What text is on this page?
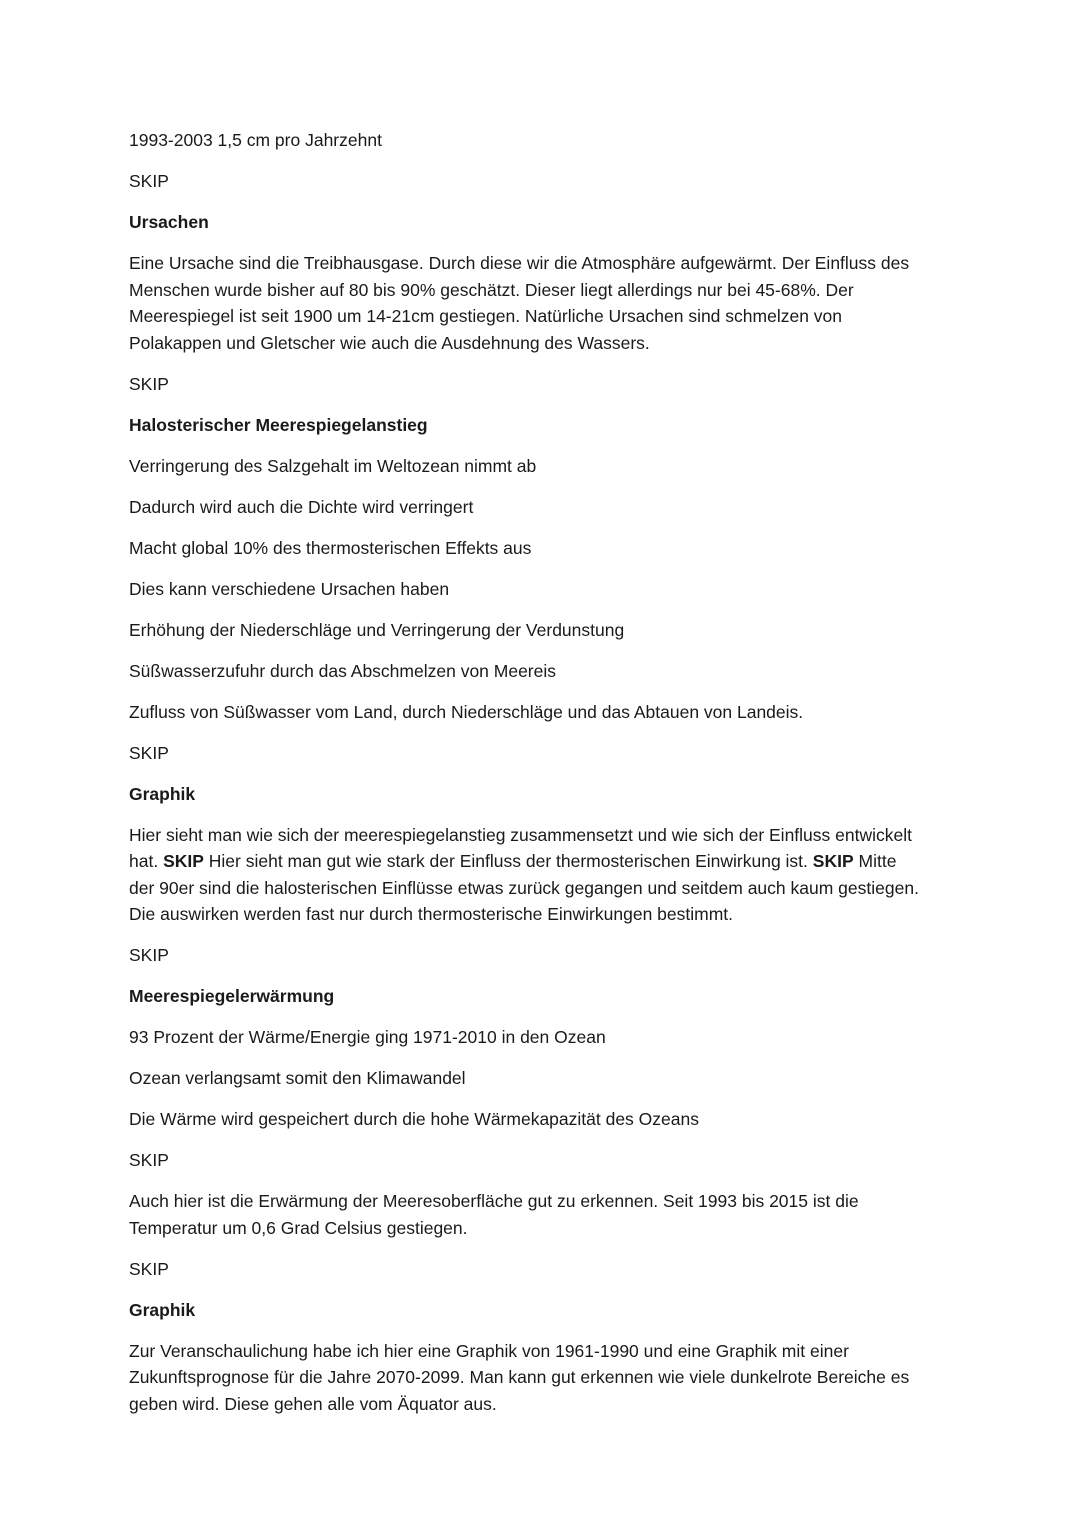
1993-2003 1,5 cm pro Jahrzehnt
SKIP
Ursachen
Eine Ursache sind die Treibhausgase. Durch diese wir die Atmosphäre aufgewärmt. Der Einfluss des
Menschen wurde bisher auf 80 bis 90% geschätzt. Dieser liegt allerdings nur bei 45-68%. Der
Meerespiegel ist seit 1900 um 14-21cm gestiegen. Natürliche Ursachen sind schmelzen von
Polakappen und Gletscher wie auch die Ausdehnung des Wassers.
SKIP
Halosterischer Meerespiegelanstieg
Verringerung des Salzgehalt im Weltozean nimmt ab
Dadurch wird auch die Dichte wird verringert
Macht global 10% des thermosterischen Effekts aus
Dies kann verschiedene Ursachen haben
Erhöhung der Niederschläge und Verringerung der Verdunstung
Süßwasserzufuhr durch das Abschmelzen von Meereis
Zufluss von Süßwasser vom Land, durch Niederschläge und das Abtauen von Landeis.
SKIP
Graphik
Hier sieht man wie sich der meerespiegelanstieg zusammensetzt und wie sich der Einfluss entwickelt
hat. SKIP Hier sieht man gut wie stark der Einfluss der thermosterischen Einwirkung ist. SKIP Mitte
der 90er sind die halosterischen Einflüsse etwas zurück gegangen und seitdem auch kaum gestiegen.
Die auswirken werden fast nur durch thermosterische Einwirkungen bestimmt.
SKIP
Meerespiegelerwärmung
93 Prozent der Wärme/Energie ging 1971-2010 in den Ozean
Ozean verlangsamt somit den Klimawandel
Die Wärme wird gespeichert durch die hohe Wärmekapazität des Ozeans
SKIP
Auch hier ist die Erwärmung der Meeresoberfläche gut zu erkennen. Seit 1993 bis 2015 ist die
Temperatur um 0,6 Grad Celsius gestiegen.
SKIP
Graphik
Zur Veranschaulichung habe ich hier eine Graphik von 1961-1990 und eine Graphik mit einer
Zukunftsprognose für die Jahre 2070-2099. Man kann gut erkennen wie viele dunkelrote Bereiche es
geben wird. Diese gehen alle vom Äquator aus.
